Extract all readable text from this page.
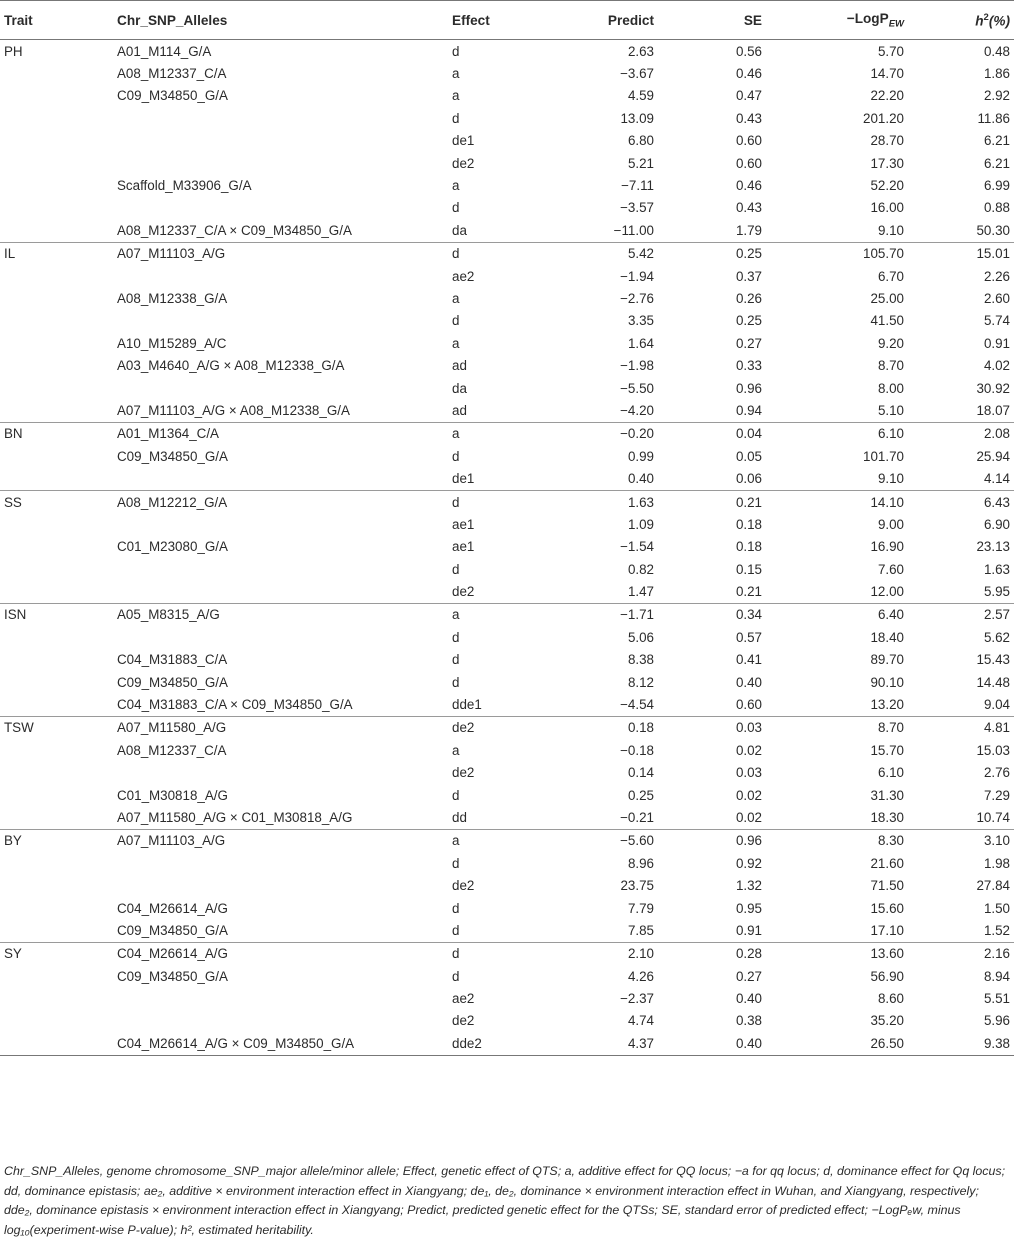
Trait	Chr_SNP_Alleles	Effect	Predict	SE	−LogP$_{EW}$	$h^2(\%)$
PH	A01_M114_G/A	d	2.63	0.56	5.70	0.48
	A08_M12337_C/A	a	−3.67	0.46	14.70	1.86
	C09_M34850_G/A	a	4.59	0.47	22.20	2.92
		d	13.09	0.43	201.20	11.86
		de1	6.80	0.60	28.70	6.21
		de2	5.21	0.60	17.30	6.21
	Scaffold_M33906_G/A	a	−7.11	0.46	52.20	6.99
		d	−3.57	0.43	16.00	0.88
	A08_M12337_C/A × C09_M34850_G/A	da	−11.00	1.79	9.10	50.30
IL	A07_M11103_A/G	d	5.42	0.25	105.70	15.01
		ae2	−1.94	0.37	6.70	2.26
	A08_M12338_G/A	a	−2.76	0.26	25.00	2.60
		d	3.35	0.25	41.50	5.74
	A10_M15289_A/C	a	1.64	0.27	9.20	0.91
	A03_M4640_A/G × A08_M12338_G/A	ad	−1.98	0.33	8.70	4.02
		da	−5.50	0.96	8.00	30.92
	A07_M11103_A/G × A08_M12338_G/A	ad	−4.20	0.94	5.10	18.07
BN	A01_M1364_C/A	a	−0.20	0.04	6.10	2.08
	C09_M34850_G/A	d	0.99	0.05	101.70	25.94
		de1	0.40	0.06	9.10	4.14
SS	A08_M12212_G/A	d	1.63	0.21	14.10	6.43
		ae1	1.09	0.18	9.00	6.90
	C01_M23080_G/A	ae1	−1.54	0.18	16.90	23.13
		d	0.82	0.15	7.60	1.63
		de2	1.47	0.21	12.00	5.95
ISN	A05_M8315_A/G	a	−1.71	0.34	6.40	2.57
		d	5.06	0.57	18.40	5.62
	C04_M31883_C/A	d	8.38	0.41	89.70	15.43
	C09_M34850_G/A	d	8.12	0.40	90.10	14.48
	C04_M31883_C/A × C09_M34850_G/A	dde1	−4.54	0.60	13.20	9.04
TSW	A07_M11580_A/G	de2	0.18	0.03	8.70	4.81
	A08_M12337_C/A	a	−0.18	0.02	15.70	15.03
		de2	0.14	0.03	6.10	2.76
	C01_M30818_A/G	d	0.25	0.02	31.30	7.29
	A07_M11580_A/G × C01_M30818_A/G	dd	−0.21	0.02	18.30	10.74
BY	A07_M11103_A/G	a	−5.60	0.96	8.30	3.10
		d	8.96	0.92	21.60	1.98
		de2	23.75	1.32	71.50	27.84
	C04_M26614_A/G	d	7.79	0.95	15.60	1.50
	C09_M34850_G/A	d	7.85	0.91	17.10	1.52
SY	C04_M26614_A/G	d	2.10	0.28	13.60	2.16
	C09_M34850_G/A	d	4.26	0.27	56.90	8.94
		ae2	−2.37	0.40	8.60	5.51
		de2	4.74	0.38	35.20	5.96
	C04_M26614_A/G × C09_M34850_G/A	dde2	4.37	0.40	26.50	9.38
Chr_SNP_Alleles, genome chromosome_SNP_major allele/minor allele; Effect, genetic effect of QTS; a, additive effect for QQ locus; −a for qq locus; d, dominance effect for Qq locus; dd, dominance epistasis; ae₂, additive × environment interaction effect in Xiangyang; de₁, de₂, dominance × environment interaction effect in Wuhan, and Xiangyang, respectively; dde₂, dominance epistasis × environment interaction effect in Xiangyang; Predict, predicted genetic effect for the QTSs; SE, standard error of predicted effect; −LogPₑw, minus log₁₀(experiment-wise P-value); h², estimated heritability.
